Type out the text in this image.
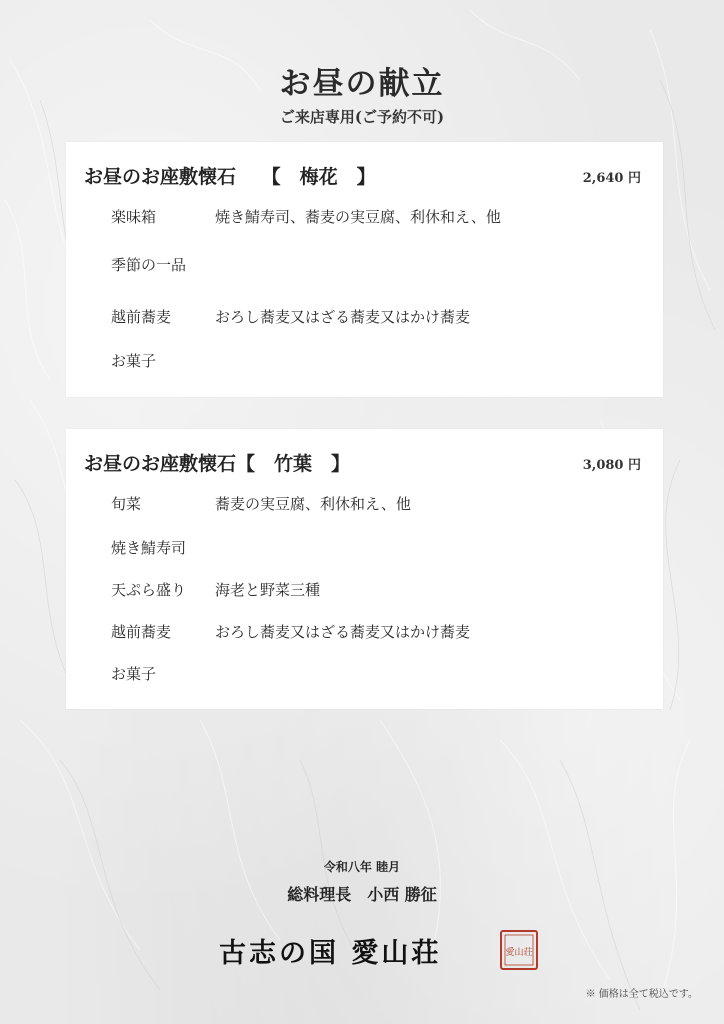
お昼の献立
ご来店専用(ご予約不可)
お昼のお座敷懐石　 【　梅花　】	2,640 円
楽味箱	焼き鯖寿司、蕎麦の実豆腐、利休和え、他
季節の一品
越前蕎麦	おろし蕎麦又はざる蕎麦又はかけ蕎麦
お菓子
お昼のお座敷懐石【　竹葉　】	3,080 円
旬菜	蕎麦の実豆腐、利休和え、他
焼き鯖寿司
天ぷら盛り 海老と野菜三種
越前蕎麦	おろし蕎麦又はざる蕎麦又はかけ蕎麦
お菓子
令和八年 睦月
総料理長　小西 勝征
古志の国 愛山荘	愛山荘
※ 価格は全て税込です。
